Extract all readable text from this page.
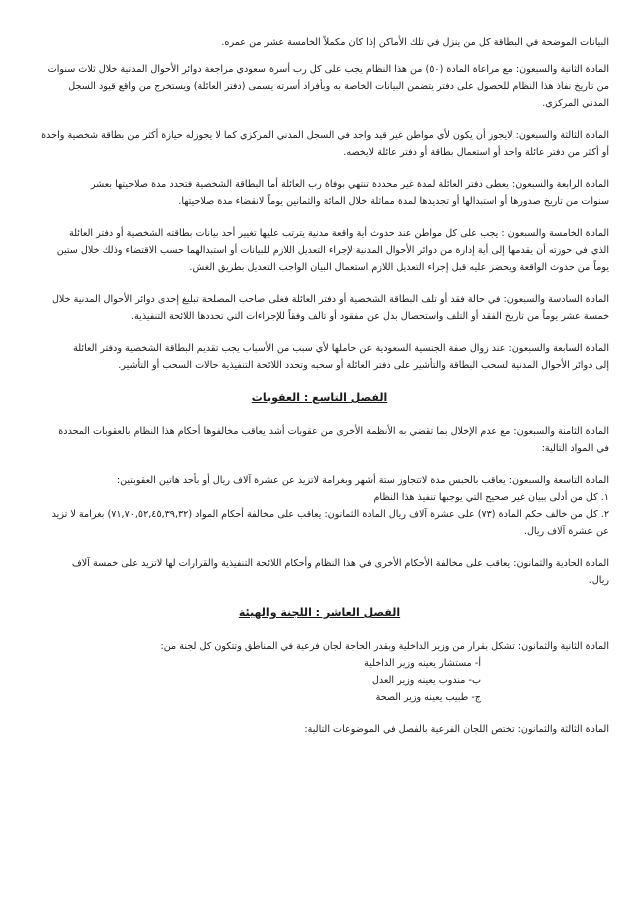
البيانات الموضحة في البطاقة كل من ينزل في تلك الأماكن إذا كان مكملاً الخامسة عشر من عمره.
المادة الثانية والسبعون: مع مراعاة المادة (٥٠) من هذا النظام يجب على كل رب أسرة سعودي مراجعة دوائر الأحوال المدنية خلال ثلاث سنوات
من تاريخ نفاذ هذا النظام للحصول على دفتر يتضمن البيانات الخاصة به وبأفراد أسرته يسمى (دفتر العائلة) ويستخرج من واقع قيود السجل
المدني المركزي.
المادة الثالثة والسبعون: لايجوز أن يكون لأي مواطن غير قيد واحد في السجل المدني المركزي كما لا يجوزله حيازة أكثر من بطاقة شخصية واحدة
أو أكثر من دفتر عائلة واحد أو استعمال بطاقة أو دفتر عائلة لايخصه.
المادة الرابعة والسبعون: يعطى دفتر العائلة لمدة غير محددة تنتهي بوفاة رب العائلة أما البطاقة الشخصية فتحدد مدة صلاحيتها بعشر
سنوات من تاريخ صدورها أو استبدالها أو تجديدها لمدة مماثلة خلال المائة والثمانين يوماً لانقضاء مدة صلاحيتها.
المادة الخامسة والسبعون : يجب على كل مواطن عند حدوث أية واقعة مدنية يترتب عليها تغيير أحد بيانات بطاقته الشخصية أو دفتر العائلة
الذي في حوزته أن يقدمها إلى أية إدارة من دوائر الأحوال المدنية لإجراء التعديل اللازم للبيانات أو استبدالهما حسب الاقتضاء وذلك خلال ستين
يوماً من حدوث الواقعة ويحضر عليه قبل إجراء التعديل اللازم استعمال البيان الواجب التعديل بطريق الغش.
المادة السادسة والسبعون: في حالة فقد أو تلف البطاقة الشخصية أو دفتر العائلة فعلى صاحب المصلحة تبليغ إحدى دوائر الأحوال المدنية خلال
خمسة عشر يوماً من تاريخ الفقد أو التلف واستحصال بدل عن مفقود أو تالف وفقاً للإجراءات التي تحددها اللائحة التنفيذية.
المادة السابعة والسبعون: عند زوال صفة الجنسية السعودية عن حاملها لأي سبب من الأسباب يجب تقديم البطاقة الشخصية ودفتر العائلة
إلى دوائر الأحوال المدنية لسحب البطاقة والتأشير على دفتر العائلة أو سحبه وتحدد اللائحة التنفيذية حالات السحب أو التأشير.
الفصل التاسع : العقوبات
المادة الثامنة والسبعون: مع عدم الإخلال بما تقضي به الأنظمة الأخرى من عقوبات أشد يعاقب مخالفوها أحكام هذا النظام بالعقوبات المحددة
في المواد التالية:
المادة التاسعة والسبعون: يعاقب بالحبس مدة لاتتجاوز ستة أشهر وبغرامة لاتزيد عن عشرة آلاف ريال أو بأحد هاتين العقوبتين:
١. كل من أدلى ببيان غير صحيح التي يوجبها تنفيذ هذا النظام
٢. كل من خالف حكم المادة (٧٣) على عشرة آلاف ريال المادة الثمانون: يعاقب على مخالفة أحكام المواد (٧١,٧٠,٥٢,٤٥,٣٩,٣٢) بغرامة لا تزيد
عن عشرة آلاف ريال.
المادة الحادية والثمانون: يعاقب على مخالفة الأحكام الأخرى في هذا النظام وأحكام اللائحة التنفيذية والقرارات لها لاتزيد على خمسة آلاف
ريال.
الفصل العاشر : اللجنة والهيئة
المادة الثانية والثمانون: تشكل بقرار من وزير الداخلية وبقدر الحاجة لجان فرعية في المناطق وتتكون كل لجنة من:
أ- مستشار يعينه وزير الداخلية
ب- مندوب يعينه وزير العدل
ج- طبيب يعينه وزير الصحة
المادة الثالثة والثمانون: تختص اللجان الفرعية بالفصل في الموضوعات التالية:
